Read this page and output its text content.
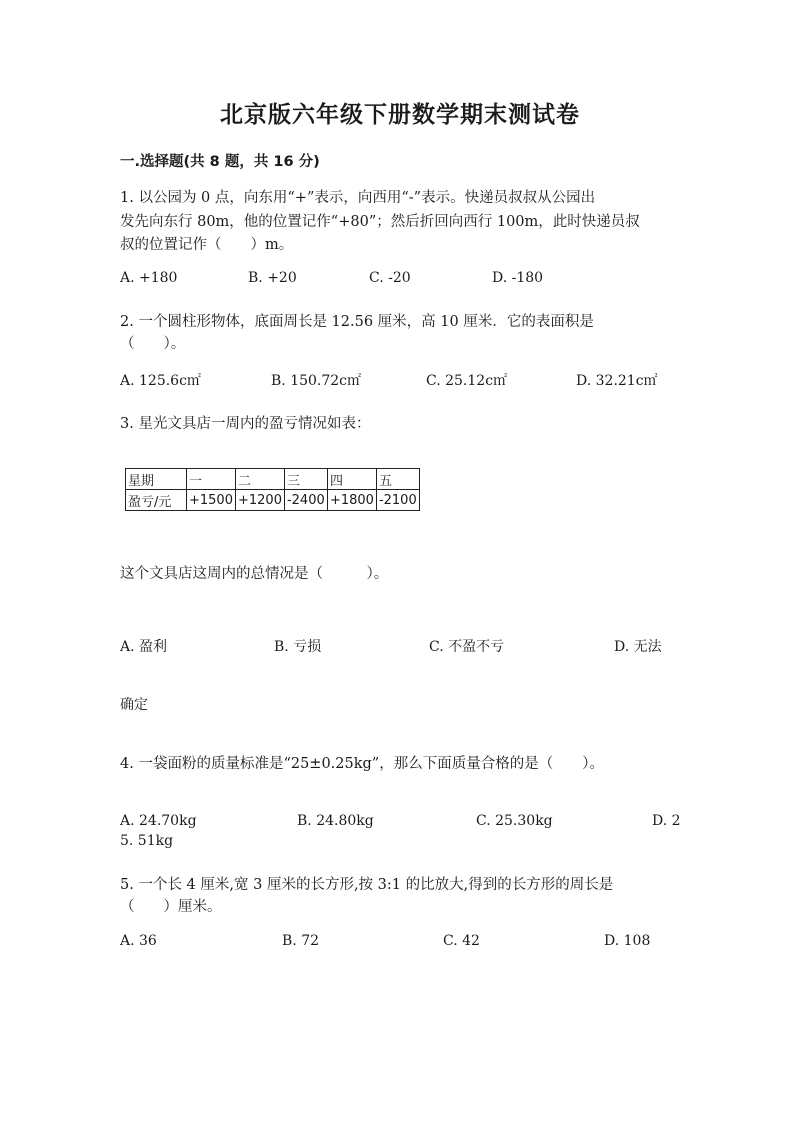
北京版六年级下册数学期末测试卷
一.选择题(共 8 题，共 16 分)
1. 以公园为 0 点，向东用“+”表示，向西用“-”表示。快递员叔叔从公园出
发先向东行 80m，他的位置记作“+80”；然后折回向西行 100m，此时快递员叔
叔的位置记作（　　）m。
A. +180	B. +20	C. -20	D. -180
2. 一个圆柱形物体，底面周长是 12.56 厘米，高 10 厘米．它的表面积是
（　　）。
A. 125.6c㎡	B. 150.72c㎡	C. 25.12c㎡	D. 32.21c㎡
3. 星光文具店一周内的盈亏情况如表：
星期	一	二	三	四	五
盈亏/元	+1500	+1200	-2400	+1800	-2100
这个文具店这周内的总情况是（　　　）。
A. 盈利	B. 亏损	C. 不盈不亏	D. 无法
确定
4. 一袋面粉的质量标准是“25±0.25kg”，那么下面质量合格的是（　　）。
A. 24.70kg	B. 24.80kg	C. 25.30kg	D. 2
5. 51kg
5. 一个长 4 厘米,宽 3 厘米的长方形,按 3:1 的比放大,得到的长方形的周长是
（　　）厘米。
A. 36	B. 72	C. 42	D. 108
